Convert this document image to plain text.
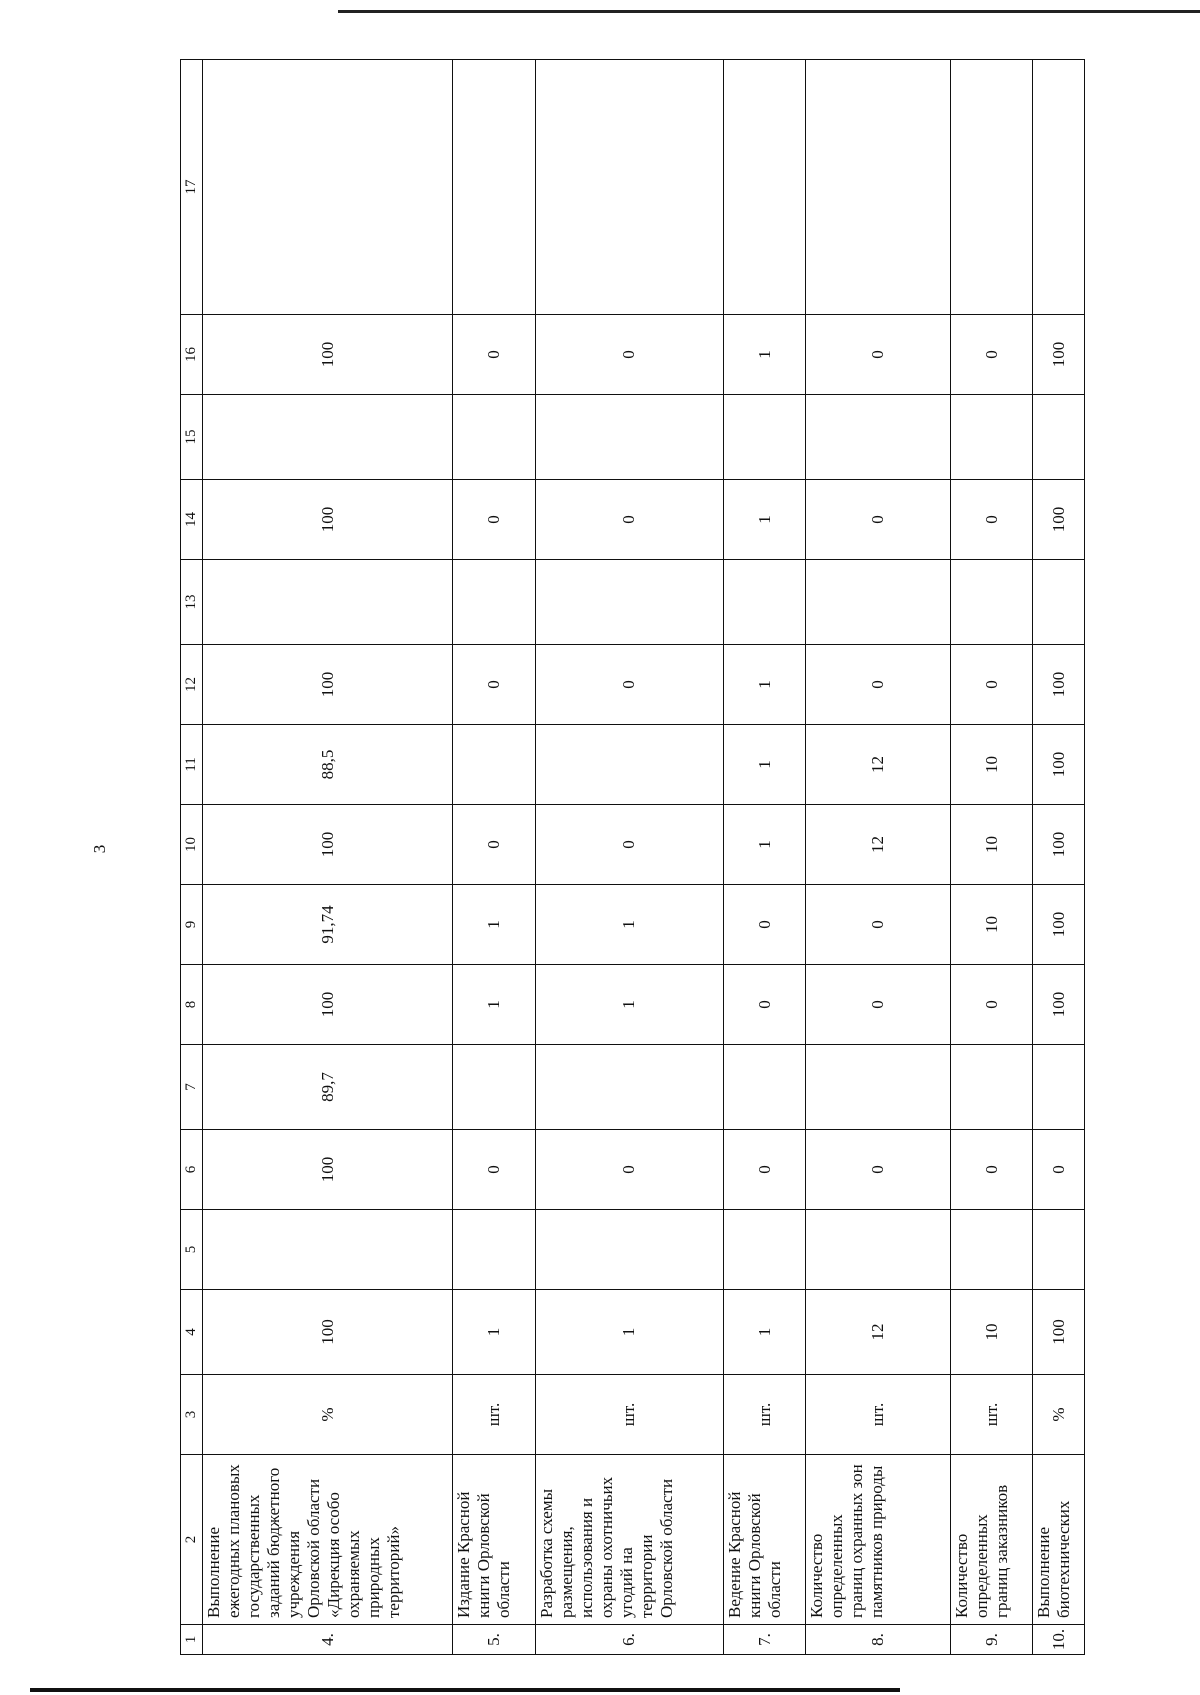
3
1	2	3	4	5	6	7	8	9	10	11	12	13	14	15	16	17
4.	Выполнение ежегодных плановых государственных заданий бюджетного учреждения Орловской области «Дирекция особо охраняемых природных территорий»	%	100		100	89,7	100	91,74	100	88,5	100		100		100	
5.	Издание Красной книги Орловской области	шт.	1		0		1	1	0		0		0		0	
6.	Разработка схемы размещения, использования и охраны охотничьих угодий на территории Орловской области	шт.	1		0		1	1	0		0		0		0	
7.	Ведение Красной книги Орловской области	шт.	1		0		0	0	1	1	1		1		1	
8.	Количество определенных границ охранных зон памятников природы	шт.	12		0		0	0	12	12	0		0		0	
9.	Количество определенных границ заказников	шт.	10		0		0	10	10	10	0		0		0	
10.	Выполнение биотехнических	%	100		0		100	100	100	100	100		100		100	
